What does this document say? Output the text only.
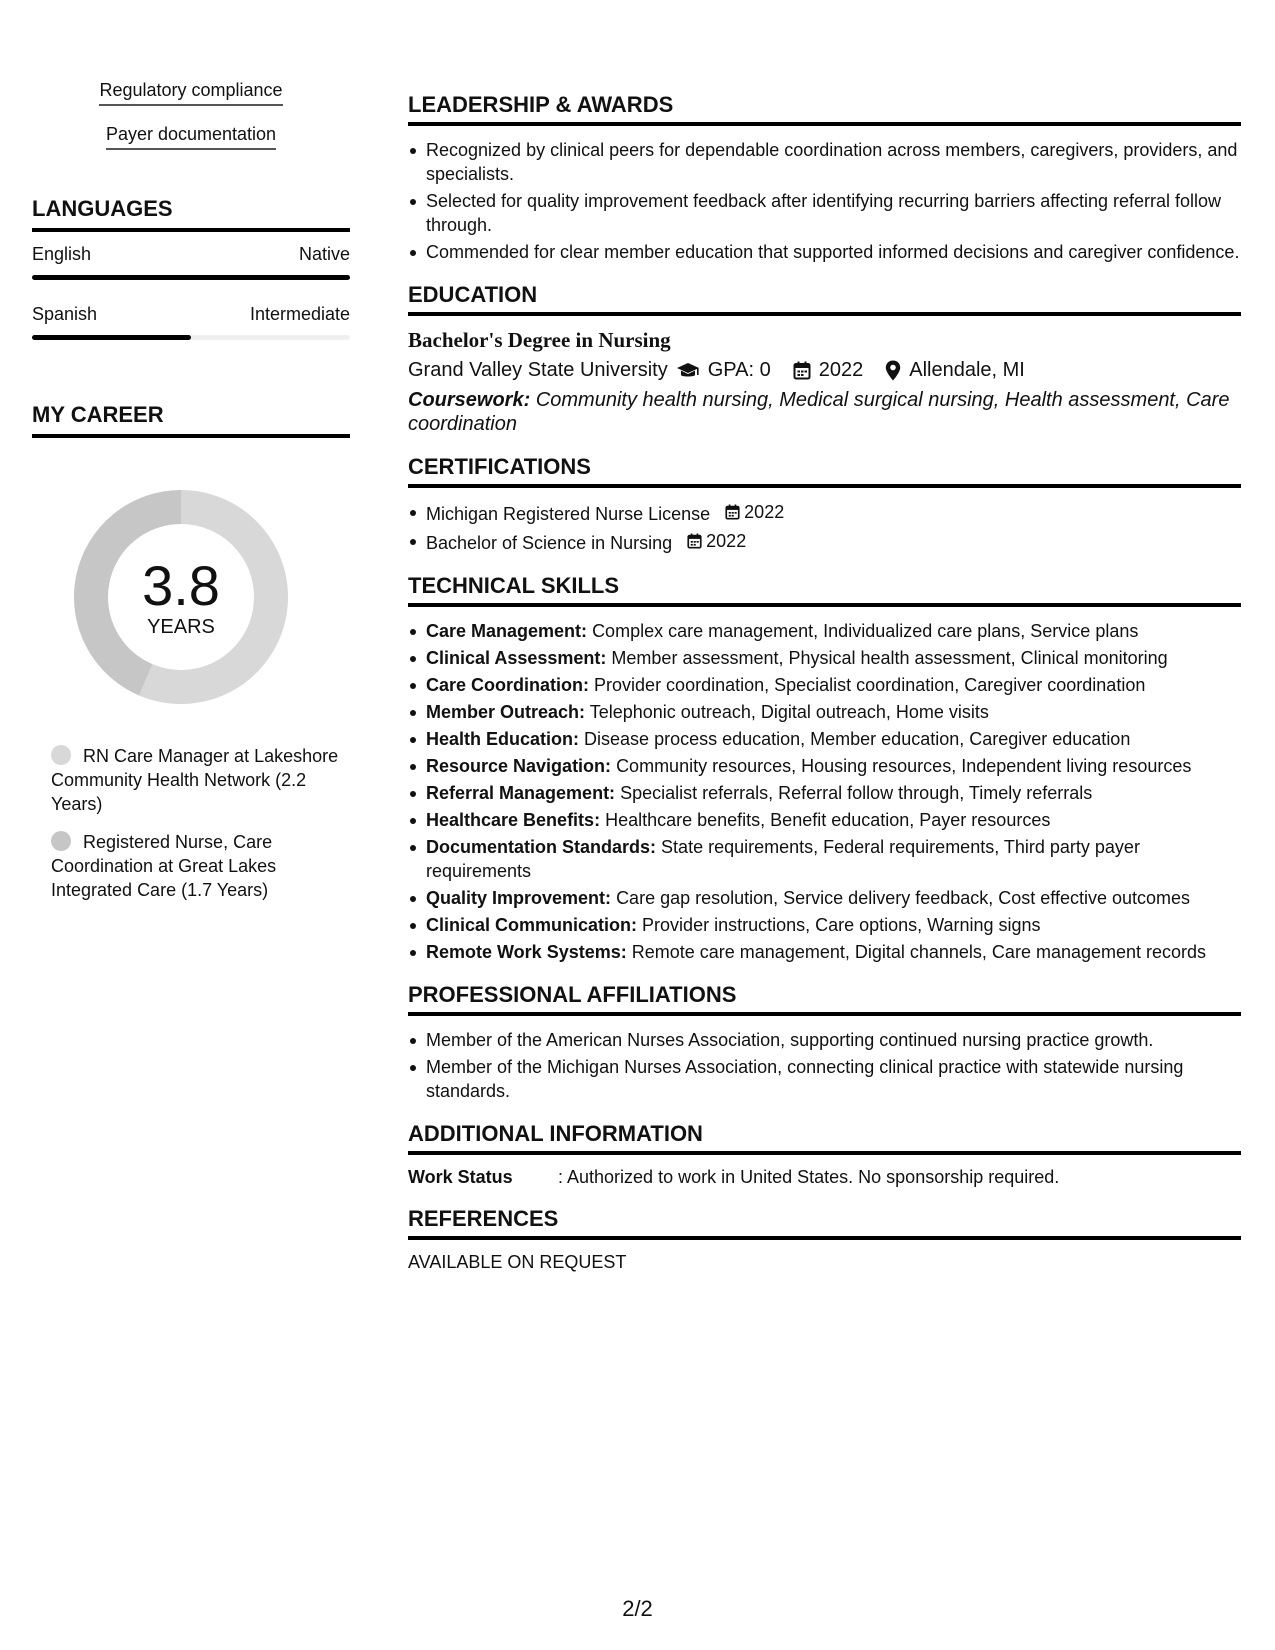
Regulatory compliance
Payer documentation
LANGUAGES
English	Native
Spanish	Intermediate
MY CAREER
3.8
YEARS
RN Care Manager at Lakeshore Community Health Network (2.2 Years)
Registered Nurse, Care Coordination at Great Lakes Integrated Care (1.7 Years)
LEADERSHIP & AWARDS
Recognized by clinical peers for dependable coordination across members, caregivers, providers, and specialists.
Selected for quality improvement feedback after identifying recurring barriers affecting referral follow through.
Commended for clear member education that supported informed decisions and caregiver confidence.
EDUCATION
Bachelor's Degree in Nursing
Grand Valley State University GPA: 0 2022 Allendale, MI
Coursework: Community health nursing, Medical surgical nursing, Health assessment, Care coordination
CERTIFICATIONS
Michigan Registered Nurse License 2022
Bachelor of Science in Nursing 2022
TECHNICAL SKILLS
Care Management: Complex care management, Individualized care plans, Service plans
Clinical Assessment: Member assessment, Physical health assessment, Clinical monitoring
Care Coordination: Provider coordination, Specialist coordination, Caregiver coordination
Member Outreach: Telephonic outreach, Digital outreach, Home visits
Health Education: Disease process education, Member education, Caregiver education
Resource Navigation: Community resources, Housing resources, Independent living resources
Referral Management: Specialist referrals, Referral follow through, Timely referrals
Healthcare Benefits: Healthcare benefits, Benefit education, Payer resources
Documentation Standards: State requirements, Federal requirements, Third party payer requirements
Quality Improvement: Care gap resolution, Service delivery feedback, Cost effective outcomes
Clinical Communication: Provider instructions, Care options, Warning signs
Remote Work Systems: Remote care management, Digital channels, Care management records
PROFESSIONAL AFFILIATIONS
Member of the American Nurses Association, supporting continued nursing practice growth.
Member of the Michigan Nurses Association, connecting clinical practice with statewide nursing standards.
ADDITIONAL INFORMATION
Work Status	: Authorized to work in United States. No sponsorship required.
REFERENCES
AVAILABLE ON REQUEST
2/2
